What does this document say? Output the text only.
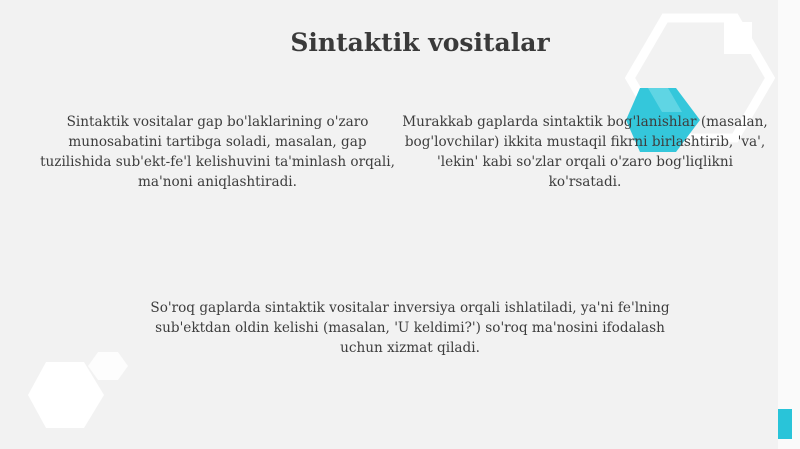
Sintaktik vositalar
Sintaktik vositalar gap bo'laklarining o'zaro munosabatini tartibga soladi, masalan, gap tuzilishida sub'ekt-fe'l kelishuvini ta'minlash orqali, ma'noni aniqlashtiradi.
Murakkab gaplarda sintaktik bog'lanishlar (masalan, bog'lovchilar) ikkita mustaqil fikrni birlashtirib, 'va', 'lekin' kabi so'zlar orqali o'zaro bog'liqlikni ko'rsatadi.
So'roq gaplarda sintaktik vositalar inversiya orqali ishlatiladi, ya'ni fe'lning sub'ektdan oldin kelishi (masalan, 'U keldimi?') so'roq ma'nosini ifodalash uchun xizmat qiladi.
